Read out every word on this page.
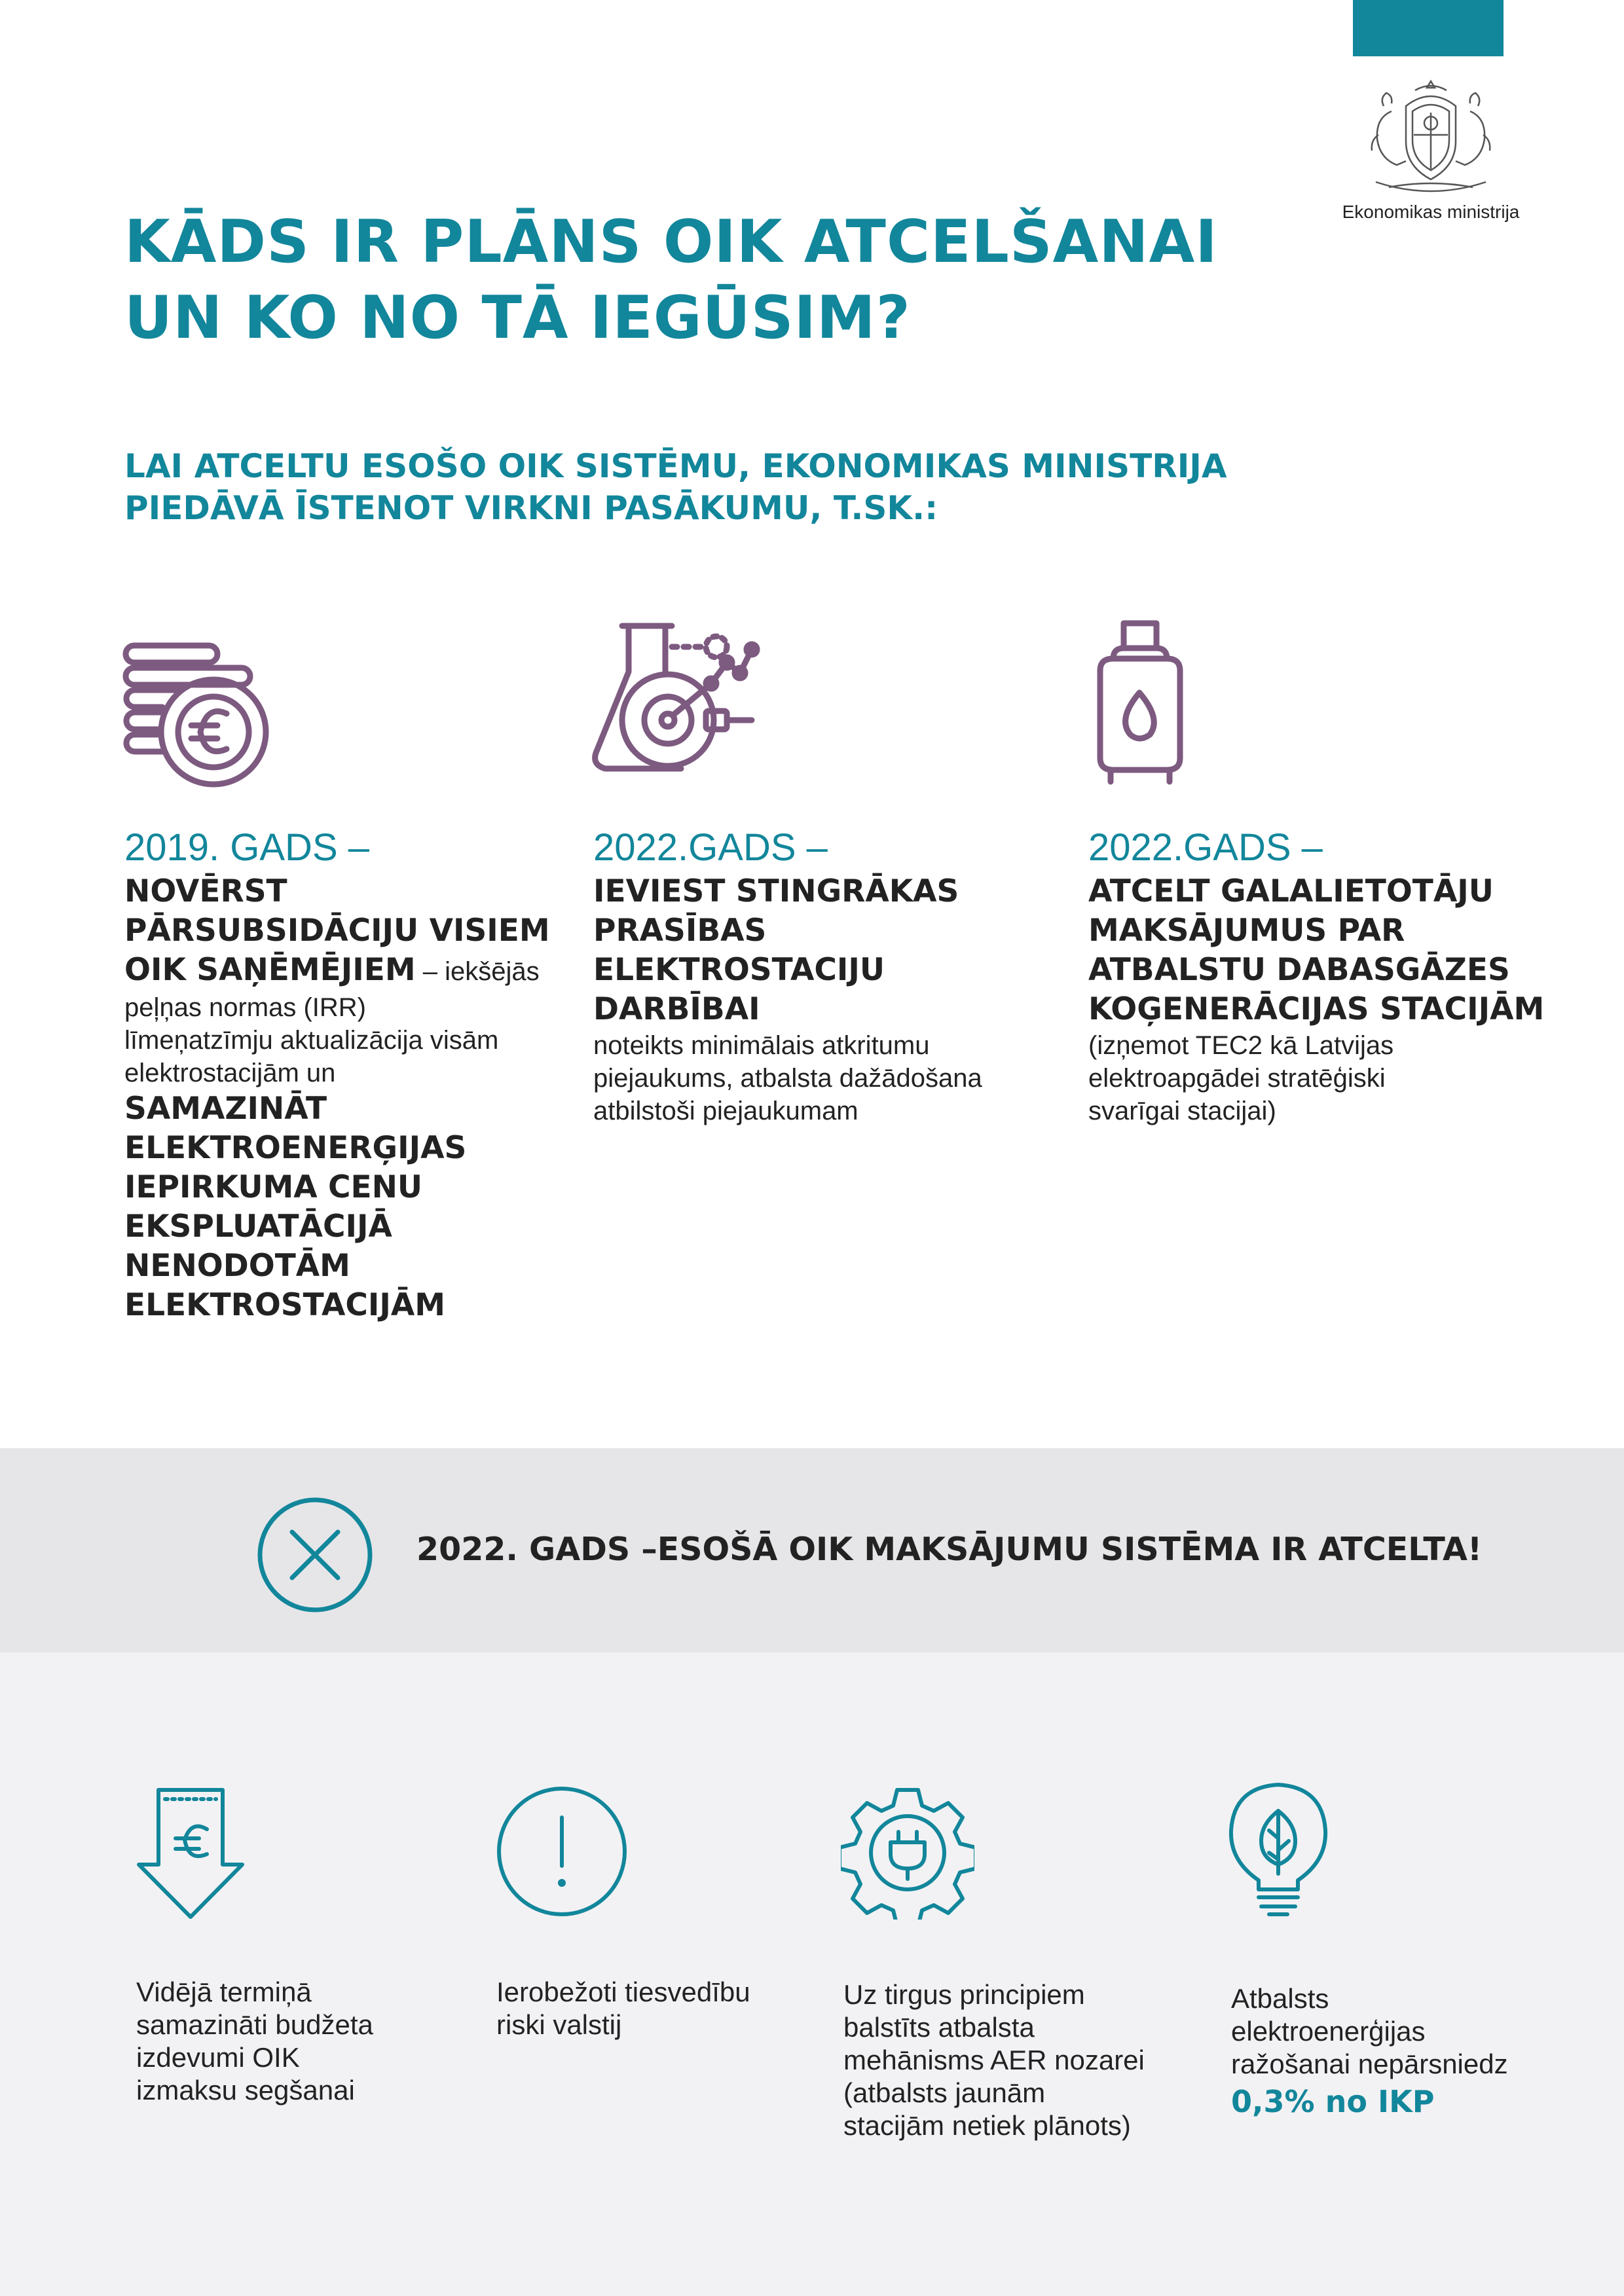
Ekonomikas ministrija
KĀDS IR PLĀNS OIK ATCELŠANAI
UN KO NO TĀ IEGŪSIM?
LAI ATCELTU ESOŠO OIK SISTĒMU, EKONOMIKAS MINISTRIJA
PIEDĀVĀ ĪSTENOT VIRKNI PASĀKUMU, T.SK.:
2019. GADS –
NOVĒRST
PĀRSUBSIDĀCIJU VISIEM
OIK SAŅĒMĒJIEM – iekšējās
peļņas normas (IRR)
līmeņatzīmju aktualizācija visām
elektrostacijām un
SAMAZINĀT
ELEKTROENERĢIJAS
IEPIRKUMA CENU
EKSPLUATĀCIJĀ
NENODOTĀM
ELEKTROSTACIJĀM
2022.GADS –
IEVIEST STINGRĀKAS
PRASĪBAS
ELEKTROSTACIJU
DARBĪBAI
noteikts minimālais atkritumu
piejaukums, atbalsta dažādošana
atbilstoši piejaukumam
2022.GADS –
ATCELT GALALIETOTĀJU
MAKSĀJUMUS PAR
ATBALSTU DABASGĀZES
KOĢENERĀCIJAS STACIJĀM
(izņemot TEC2 kā Latvijas
elektroapgādei stratēģiski
svarīgai stacijai)
2022. GADS –ESOŠĀ OIK MAKSĀJUMU SISTĒMA IR ATCELTA!
Vidējā termiņā
samazināti budžeta
izdevumi OIK
izmaksu segšanai
Ierobežoti tiesvedību
riski valstij
Uz tirgus principiem
balstīts atbalsta
mehānisms AER nozarei
(atbalsts jaunām
stacijām netiek plānots)
Atbalsts
elektroenerģijas
ražošanai nepārsniedz
0,3% no IKP
